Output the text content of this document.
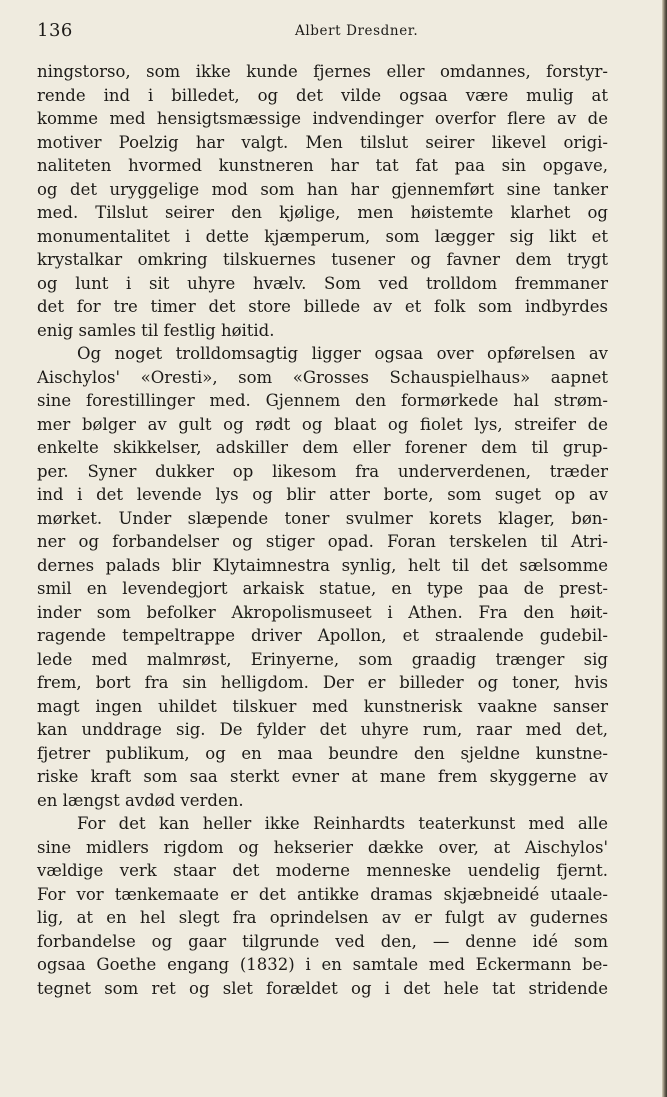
136	Albert Dresdner.
ningstorso, som ikke kunde fjernes eller omdannes, forstyr-
rende ind i billedet, og det vilde ogsaa være mulig at
komme med hensigtsmæssige indvendinger overfor flere av de
motiver Poelzig har valgt. Men tilslut seirer likevel origi-
naliteten hvormed kunstneren har tat fat paa sin opgave,
og det uryggelige mod som han har gjennemført sine tanker
med. Tilslut seirer den kjølige, men høistemte klarhet og
monumentalitet i dette kjæmperum, som lægger sig likt et
krystalkar omkring tilskuernes tusener og favner dem trygt
og lunt i sit uhyre hvælv. Som ved trolldom fremmaner
det for tre timer det store billede av et folk som indbyrdes
enig samles til festlig høitid.
Og noget trolldomsagtig ligger ogsaa over opførelsen av
Aischylos' «Oresti», som «Grosses Schauspielhaus» aapnet
sine forestillinger med. Gjennem den formørkede hal strøm-
mer bølger av gult og rødt og blaat og fiolet lys, streifer de
enkelte skikkelser, adskiller dem eller forener dem til grup-
per. Syner dukker op likesom fra underverdenen, træder
ind i det levende lys og blir atter borte, som suget op av
mørket. Under slæpende toner svulmer korets klager, bøn-
ner og forbandelser og stiger opad. Foran terskelen til Atri-
dernes palads blir Klytaimnestra synlig, helt til det sælsomme
smil en levendegjort arkaisk statue, en type paa de prest-
inder som befolker Akropolismuseet i Athen. Fra den høit-
ragende tempeltrappe driver Apollon, et straalende gudebil-
lede med malmrøst, Erinyerne, som graadig trænger sig
frem, bort fra sin helligdom. Der er billeder og toner, hvis
magt ingen uhildet tilskuer med kunstnerisk vaakne sanser
kan unddrage sig. De fylder det uhyre rum, raar med det,
fjetrer publikum, og en maa beundre den sjeldne kunstne-
riske kraft som saa sterkt evner at mane frem skyggerne av
en længst avdød verden.
For det kan heller ikke Reinhardts teaterkunst med alle
sine midlers rigdom og hekserier dække over, at Aischylos'
vældige verk staar det moderne menneske uendelig fjernt.
For vor tænkemaate er det antikke dramas skjæbneidé utaale-
lig, at en hel slegt fra oprindelsen av er fulgt av gudernes
forbandelse og gaar tilgrunde ved den, — denne idé som
ogsaa Goethe engang (1832) i en samtale med Eckermann be-
tegnet som ret og slet forældet og i det hele tat stridende
